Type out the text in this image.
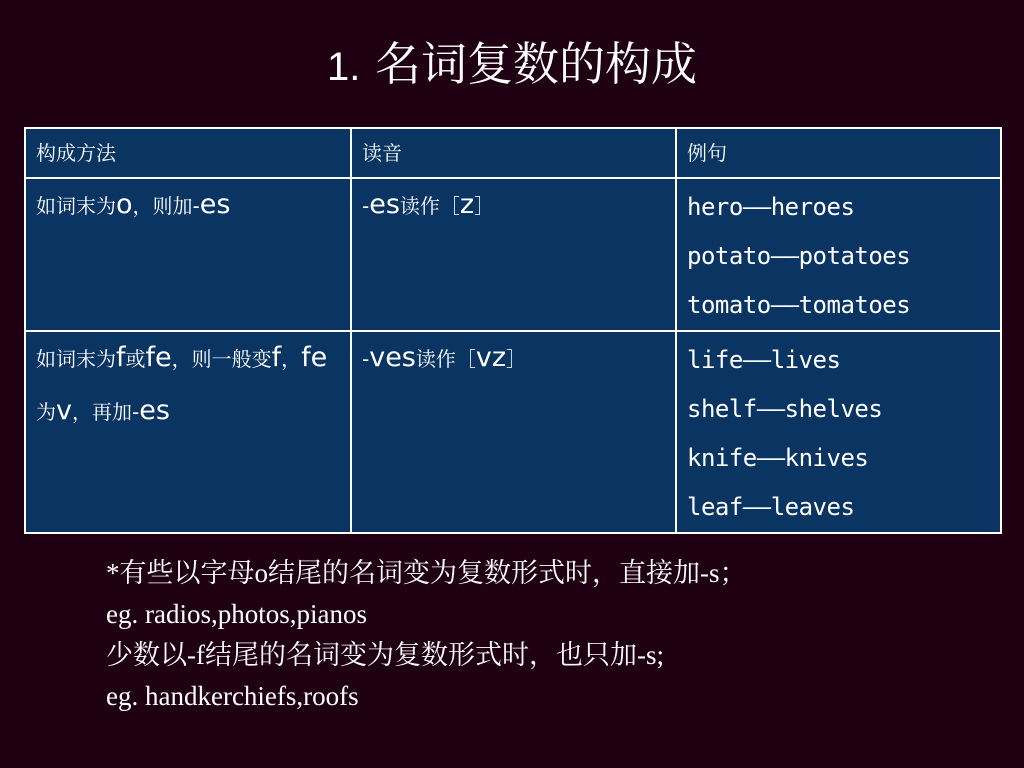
1. 名词复数的构成
构成方法	读音	例句

如词末为o，则加-es	-es读作［z］	hero——heroes
potato——potatoes
tomato——tomatoes

如词末为f或fe，则一般变f，fe为v，再加-es	-ves读作［vz］	life——lives
shelf——shelves
knife——knives
leaf——leaves
*有些以字母o结尾的名词变为复数形式时，直接加-s；
eg. radios,photos,pianos
少数以-f结尾的名词变为复数形式时，也只加-s;
eg. handkerchiefs,roofs
